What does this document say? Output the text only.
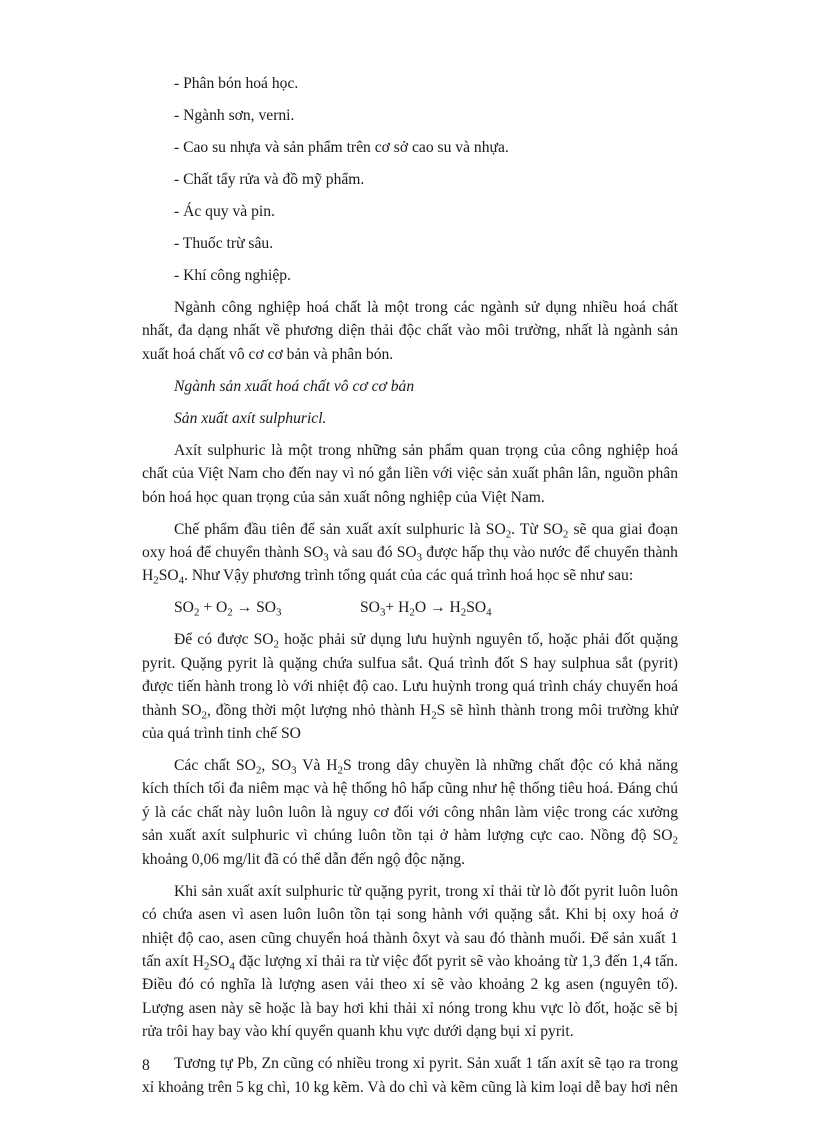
- Phân bón hoá học.
- Ngành sơn, verni.
- Cao su nhựa và sản phẩm trên cơ sở cao su và nhựa.
- Chất tẩy rửa và đồ mỹ phẩm.
- Ác quy và pin.
- Thuốc trừ sâu.
- Khí công nghiệp.
Ngành công nghiệp hoá chất là một trong các ngành sử dụng nhiều hoá chất nhất, đa dạng nhất về phương diện thải độc chất vào môi trường, nhất là ngành sản xuất hoá chất vô cơ cơ bản và phân bón.
Ngành sản xuất hoá chất vô cơ cơ bản
Sản xuất axít sulphuricl.
Axít sulphuric là một trong những sản phẩm quan trọng của công nghiệp hoá chất của Việt Nam cho đến nay vì nó gắn liền với việc sản xuất phân lân, nguồn phân bón hoá học quan trọng của sản xuất nông nghiệp của Việt Nam.
Chế phẩm đầu tiên để sản xuất axít sulphuric là $SO_2$. Từ $SO_2$ sẽ qua giai đoạn oxy hoá để chuyển thành $SO_3$ và sau đó $SO_3$ được hấp thụ vào nước để chuyển thành $H_2SO_4$. Như Vậy phương trình tổng quát của các quá trình hoá học sẽ như sau:
$SO_2 + O_2 \to SO_3$	$SO_3+ H_2O \to H_2SO_4$
Để có được $SO_2$ hoặc phải sử dụng lưu huỳnh nguyên tố, hoặc phải đốt quặng pyrit. Quặng pyrit là quặng chứa sulfua sắt. Quá trình đốt S hay sulphua sắt (pyrit) được tiến hành trong lò với nhiệt độ cao. Lưu huỳnh trong quá trình cháy chuyển hoá thành $SO_2$, đồng thời một lượng nhỏ thành $H_2S$ sẽ hình thành trong môi trường khử của quá trình tinh chế SO
Các chất $SO_2$, $SO_3$ Và $H_2S$ trong dây chuyền là những chất độc có khả năng kích thích tối đa niêm mạc và hệ thống hô hấp cũng như hệ thống tiêu hoá. Đáng chú ý là các chất này luôn luôn là nguy cơ đối với công nhân làm việc trong các xưởng sản xuất axít sulphuric vì chúng luôn tồn tại ở hàm lượng cực cao. Nồng độ $SO_2$ khoảng 0,06 mg/lit đã có thể dẫn đến ngộ độc nặng.
Khi sản xuất axít sulphuric từ quặng pyrit, trong xỉ thải từ lò đốt pyrit luôn luôn có chứa asen vì asen luôn luôn tồn tại song hành với quặng sắt. Khi bị oxy hoá ở nhiệt độ cao, asen cũng chuyển hoá thành ôxyt và sau đó thành muối. Để sản xuất 1 tấn axít $H_2SO_4$ đặc lượng xỉ thải ra từ việc đốt pyrit sẽ vào khoảng từ 1,3 đến 1,4 tấn. Điều đó có nghĩa là lượng asen vải theo xỉ sẽ vào khoảng 2 kg asen (nguyên tố). Lượng asen này sẽ hoặc là bay hơi khi thải xỉ nóng trong khu vực lò đốt, hoặc sẽ bị rửa trôi hay bay vào khí quyển quanh khu vực dưới dạng bụi xỉ pyrit.
Tương tự Pb, Zn cũng có nhiều trong xỉ pyrit. Sản xuất 1 tấn axít sẽ tạo ra trong xỉ khoảng trên 5 kg chì, 10 kg kẽm. Và do chì và kẽm cũng là kim loại dễ bay hơi nên
8
